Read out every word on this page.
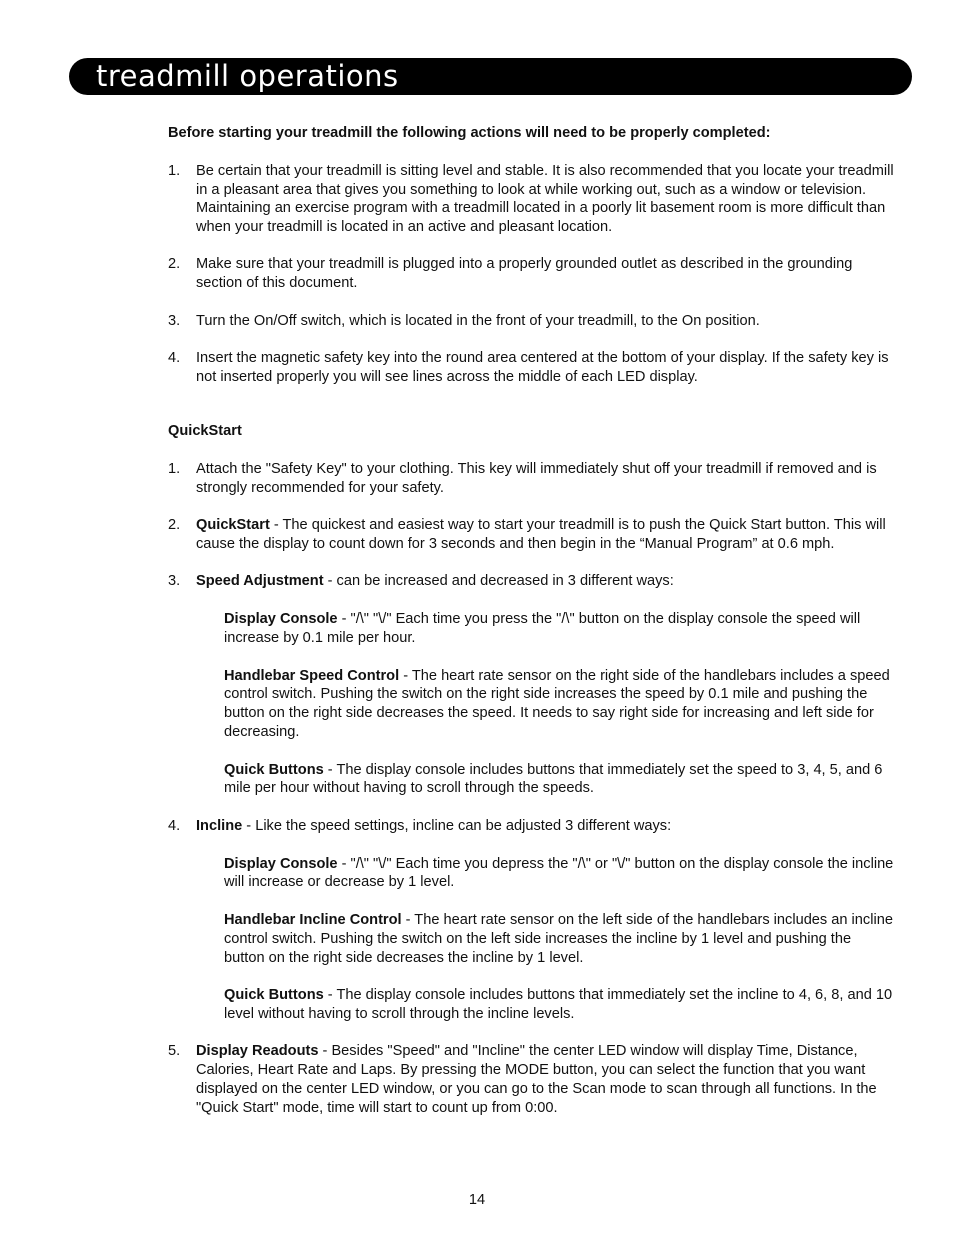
treadmill operations

Before starting your treadmill the following actions will need to be properly completed:

1. Be certain that your treadmill is sitting level and stable. It is also recommended that you locate your treadmill in a pleasant area that gives you something to look at while working out, such as a window or television. Maintaining an exercise program with a treadmill located in a poorly lit basement room is more difficult than when your treadmill is located in an active and pleasant location.
2. Make sure that your treadmill is plugged into a properly grounded outlet as described in the grounding section of this document.
3. Turn the On/Off switch, which is located in the front of your treadmill, to the On position.
4. Insert the magnetic safety key into the round area centered at the bottom of your display. If the safety key is not inserted properly you will see lines across the middle of each LED display.
QuickStart
1. Attach the "Safety Key" to your clothing. This key will immediately shut off your treadmill if removed and is strongly recommended for your safety.
2. QuickStart - The quickest and easiest way to start your treadmill is to push the Quick Start button. This will cause the display to count down for 3 seconds and then begin in the “Manual Program” at 0.6 mph.
3. Speed Adjustment - can be increased and decreased in 3 different ways:

Display Console - "/\" "\/" Each time you press the "/\" button on the display console the speed will increase by 0.1 mile per hour.

Handlebar Speed Control - The heart rate sensor on the right side of the handlebars includes a speed control switch. Pushing the switch on the right side increases the speed by 0.1 mile and pushing the button on the right side decreases the speed. It needs to say right side for increasing and left side for decreasing.

Quick Buttons - The display console includes buttons that immediately set the speed to 3, 4, 5, and 6 mile per hour without having to scroll through the speeds.

4. Incline - Like the speed settings, incline can be adjusted 3 different ways:

Display Console - "/\" "\/" Each time you depress the "/\" or "\/" button on the display console the incline will increase or decrease by 1 level.

Handlebar Incline Control - The heart rate sensor on the left side of the handlebars includes an incline control switch. Pushing the switch on the left side increases the incline by 1 level and pushing the button on the right side decreases the incline by 1 level.

Quick Buttons - The display console includes buttons that immediately set the incline to 4, 6, 8, and 10 level without having to scroll through the incline levels.

5. Display Readouts - Besides "Speed" and "Incline" the center LED window will display Time, Distance, Calories, Heart Rate and Laps. By pressing the MODE button, you can select the function that you want displayed on the center LED window, or you can go to the Scan mode to scan through all functions. In the "Quick Start" mode, time will start to count up from 0:00.
14
